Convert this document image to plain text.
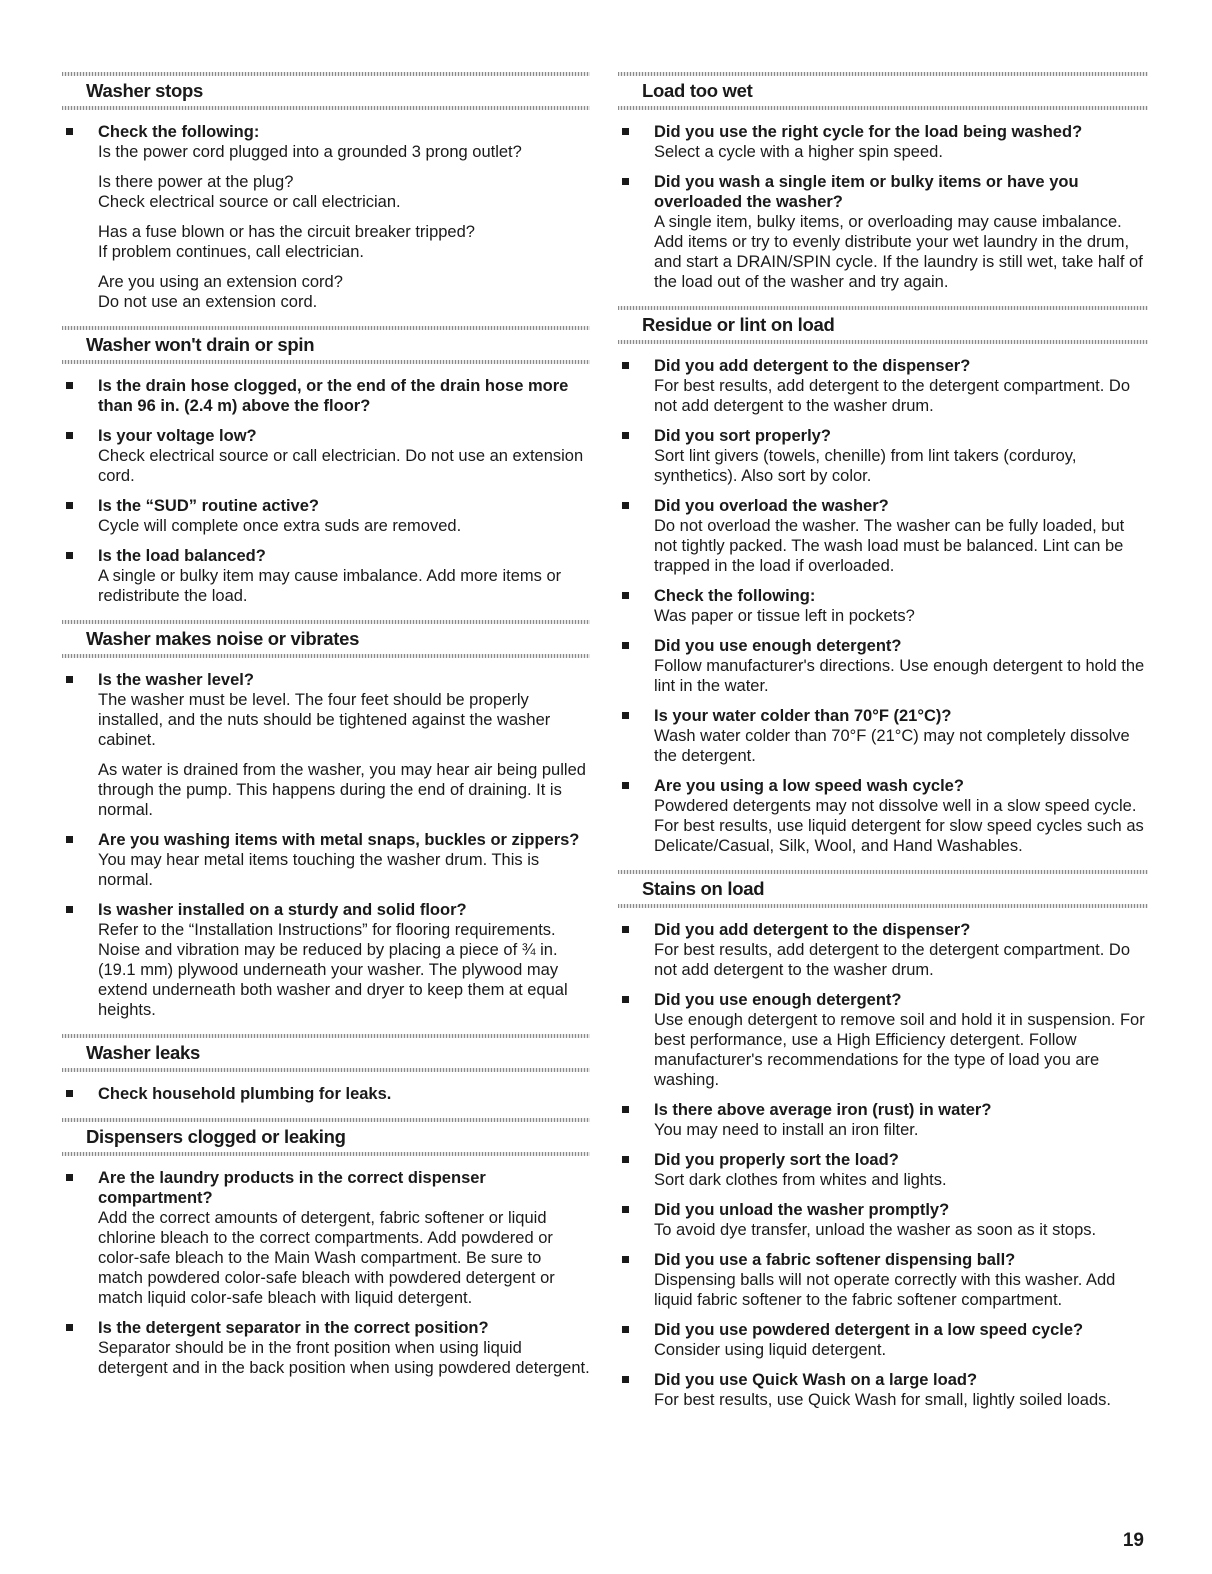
Washer stops

Check the following:

Is the power cord plugged into a grounded 3 prong outlet?

Is there power at the plug?
Check electrical source or call electrician.

Has a fuse blown or has the circuit breaker tripped?
If problem continues, call electrician.

Are you using an extension cord?
Do not use an extension cord.

Washer won't drain or spin

Is the drain hose clogged, or the end of the drain hose more than 96 in. (2.4 m) above the floor?

Is your voltage low?

Check electrical source or call electrician. Do not use an extension cord.

Is the “SUD” routine active?

Cycle will complete once extra suds are removed.

Is the load balanced?

A single or bulky item may cause imbalance. Add more items or redistribute the load.

Washer makes noise or vibrates

Is the washer level?

The washer must be level. The four feet should be properly installed, and the nuts should be tightened against the washer cabinet.

As water is drained from the washer, you may hear air being pulled through the pump. This happens during the end of draining. It is normal.

Are you washing items with metal snaps, buckles or zippers?

You may hear metal items touching the washer drum. This is normal.

Is washer installed on a sturdy and solid floor?

Refer to the “Installation Instructions” for flooring requirements. Noise and vibration may be reduced by placing a piece of ¾ in. (19.1 mm) plywood underneath your washer. The plywood may extend underneath both washer and dryer to keep them at equal heights.

Washer leaks

Check household plumbing for leaks.

Dispensers clogged or leaking

Are the laundry products in the correct dispenser compartment?

Add the correct amounts of detergent, fabric softener or liquid chlorine bleach to the correct compartments. Add powdered or color-safe bleach to the Main Wash compartment. Be sure to match powdered color-safe bleach with powdered detergent or match liquid color-safe bleach with liquid detergent.

Is the detergent separator in the correct position?

Separator should be in the front position when using liquid detergent and in the back position when using powdered detergent.

Load too wet

Did you use the right cycle for the load being washed?

Select a cycle with a higher spin speed.

Did you wash a single item or bulky items or have you overloaded the washer?

A single item, bulky items, or overloading may cause imbalance. Add items or try to evenly distribute your wet laundry in the drum, and start a DRAIN/SPIN cycle. If the laundry is still wet, take half of the load out of the washer and try again.

Residue or lint on load

Did you add detergent to the dispenser?

For best results, add detergent to the detergent compartment. Do not add detergent to the washer drum.

Did you sort properly?

Sort lint givers (towels, chenille) from lint takers (corduroy, synthetics). Also sort by color.

Did you overload the washer?

Do not overload the washer. The washer can be fully loaded, but not tightly packed. The wash load must be balanced. Lint can be trapped in the load if overloaded.

Check the following:

Was paper or tissue left in pockets?

Did you use enough detergent?

Follow manufacturer's directions. Use enough detergent to hold the lint in the water.

Is your water colder than 70°F (21°C)?

Wash water colder than 70°F (21°C) may not completely dissolve the detergent.

Are you using a low speed wash cycle?

Powdered detergents may not dissolve well in a slow speed cycle. For best results, use liquid detergent for slow speed cycles such as Delicate/Casual, Silk, Wool, and Hand Washables.

Stains on load

Did you add detergent to the dispenser?

For best results, add detergent to the detergent compartment. Do not add detergent to the washer drum.

Did you use enough detergent?

Use enough detergent to remove soil and hold it in suspension. For best performance, use a High Efficiency detergent. Follow manufacturer's recommendations for the type of load you are washing.

Is there above average iron (rust) in water?

You may need to install an iron filter.

Did you properly sort the load?

Sort dark clothes from whites and lights.

Did you unload the washer promptly?

To avoid dye transfer, unload the washer as soon as it stops.

Did you use a fabric softener dispensing ball?

Dispensing balls will not operate correctly with this washer. Add liquid fabric softener to the fabric softener compartment.

Did you use powdered detergent in a low speed cycle?

Consider using liquid detergent.

Did you use Quick Wash on a large load?

For best results, use Quick Wash for small, lightly soiled loads.

19
